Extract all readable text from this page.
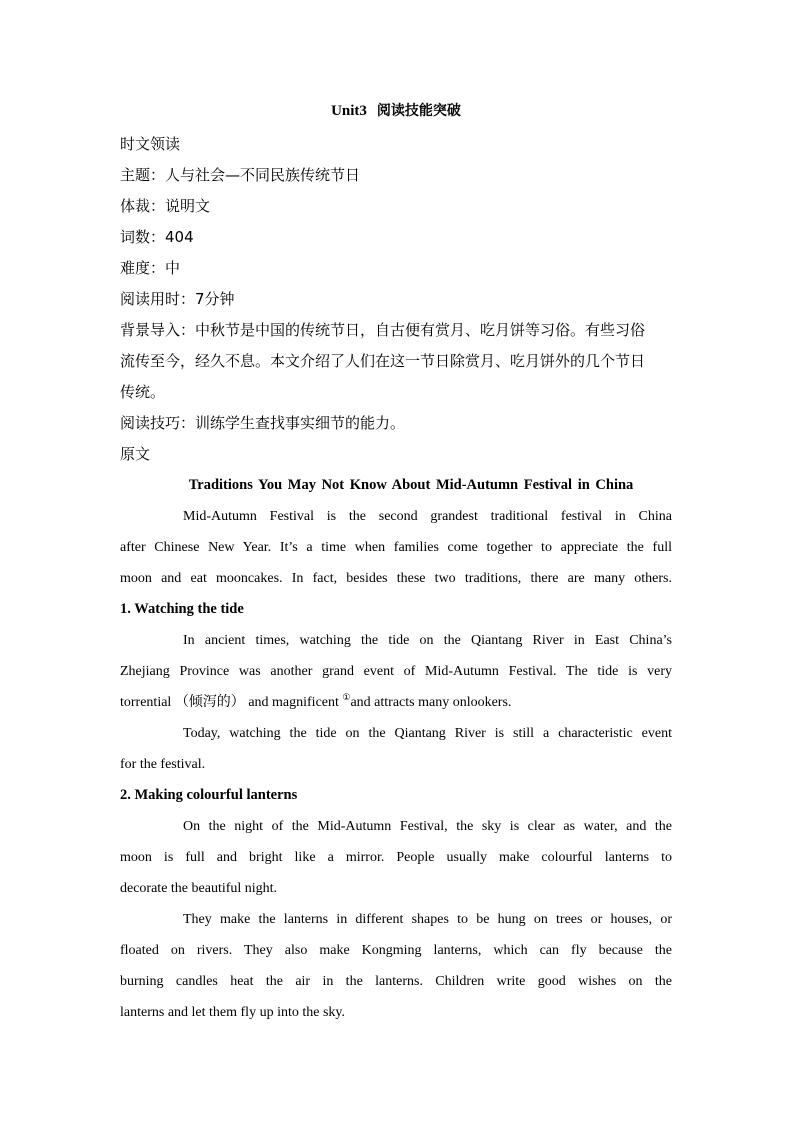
Unit3 阅读技能突破

时文领读

主题：人与社会—不同民族传统节日

体裁：说明文

词数：404

难度：中

阅读用时：7分钟

背景导入：中秋节是中国的传统节日，自古便有赏月、吃月饼等习俗。有些习俗
流传至今，经久不息。本文介绍了人们在这一节日除赏月、吃月饼外的几个节日
传统。

阅读技巧：训练学生查找事实细节的能力。

原文

Traditions You May Not Know About Mid-Autumn Festival in China

Mid-Autumn Festival is the second grandest traditional festival in China
after Chinese New Year. It’s a time when families come together to appreciate the full
moon and eat mooncakes. In fact, besides these two traditions, there are many others.

1. Watching the tide

In ancient times, watching the tide on the Qiantang River in East China’s
Zhejiang Province was another grand event of Mid-Autumn Festival. The tide is very
torrential （倾泻的） and magnificent ①and attracts many onlookers.
Today, watching the tide on the Qiantang River is still a characteristic event
for the festival.

2. Making colourful lanterns

On the night of the Mid-Autumn Festival, the sky is clear as water, and the
moon is full and bright like a mirror. People usually make colourful lanterns to
decorate the beautiful night.
They make the lanterns in different shapes to be hung on trees or houses, or
floated on rivers. They also make Kongming lanterns, which can fly because the
burning candles heat the air in the lanterns. Children write good wishes on the
lanterns and let them fly up into the sky.
